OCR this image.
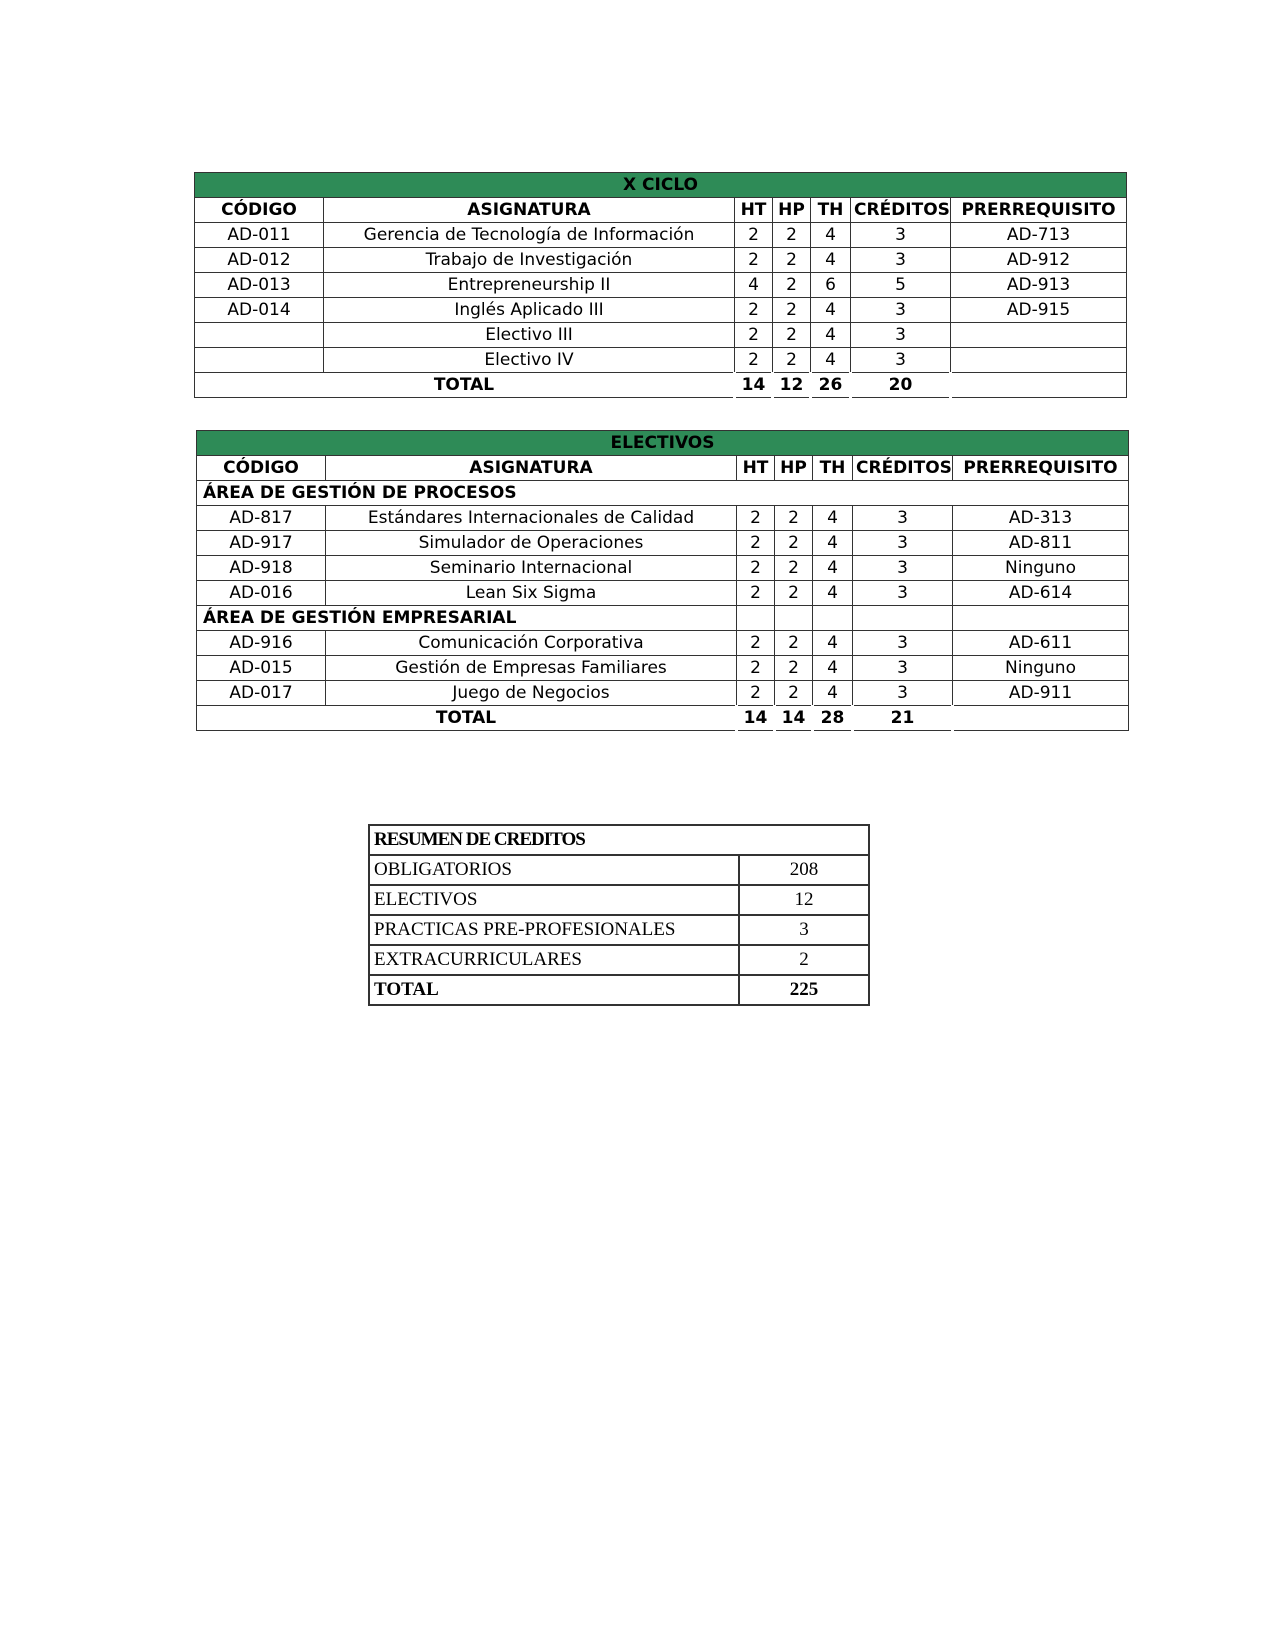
X CICLO						
CÓDIGO	ASIGNATURA	HT	HP	TH	CRÉDITOS	PRERREQUISITO
AD-011	Gerencia de Tecnología de Información	2	2	4	3	AD-713
AD-012	Trabajo de Investigación	2	2	4	3	AD-912
AD-013	Entrepreneurship II	4	2	6	5	AD-913
AD-014	Inglés Aplicado III	2	2	4	3	AD-915
	Electivo III	2	2	4	3	
	Electivo IV	2	2	4	3	
TOTAL		14	12	26	20	
ELECTIVOS						
CÓDIGO	ASIGNATURA	HT	HP	TH	CRÉDITOS	PRERREQUISITO
ÁREA DE GESTIÓN DE PROCESOS						
AD-817	Estándares Internacionales de Calidad	2	2	4	3	AD-313
AD-917	Simulador de Operaciones	2	2	4	3	AD-811
AD-918	Seminario Internacional	2	2	4	3	Ninguno
AD-016	Lean Six Sigma	2	2	4	3	AD-614
ÁREA DE GESTIÓN EMPRESARIAL						
AD-916	Comunicación Corporativa	2	2	4	3	AD-611
AD-015	Gestión de Empresas Familiares	2	2	4	3	Ninguno
AD-017	Juego de Negocios	2	2	4	3	AD-911
TOTAL		14	14	28	21	
RESUMEN DE CREDITOS	
OBLIGATORIOS	208
ELECTIVOS	12
PRACTICAS PRE-PROFESIONALES	3
EXTRACURRICULARES	2
TOTAL	225
